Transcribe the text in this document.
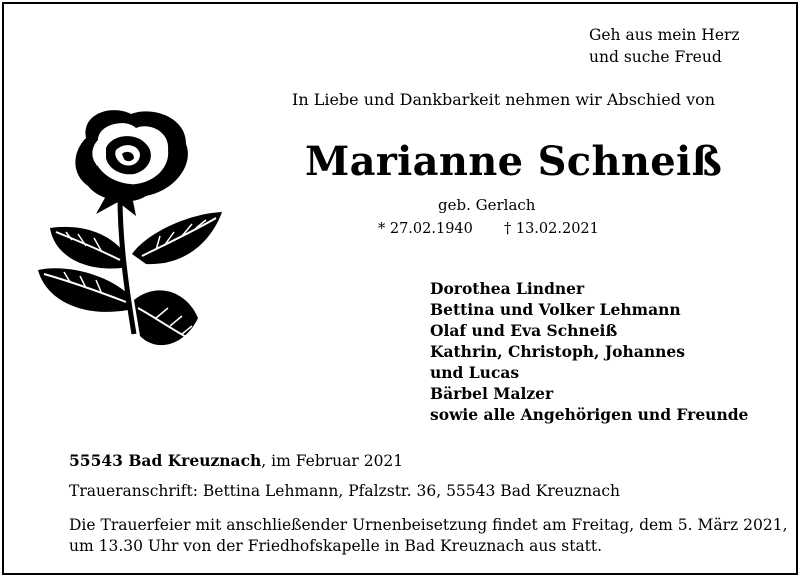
Geh aus mein Herz
und suche Freud
In Liebe und Dankbarkeit nehmen wir Abschied von
Marianne Schneiß
geb. Gerlach
* 27.02.1940 † 13.02.2021
Dorothea Lindner
Bettina und Volker Lehmann
Olaf und Eva Schneiß
Kathrin, Christoph, Johannes
und Lucas
Bärbel Malzer
sowie alle Angehörigen und Freunde
55543 Bad Kreuznach, im Februar 2021
Traueranschrift: Bettina Lehmann, Pfalzstr. 36, 55543 Bad Kreuznach
Die Trauerfeier mit anschließender Urnenbeisetzung findet am Freitag, dem 5. März 2021,
um 13.30 Uhr von der Friedhofskapelle in Bad Kreuznach aus statt.
